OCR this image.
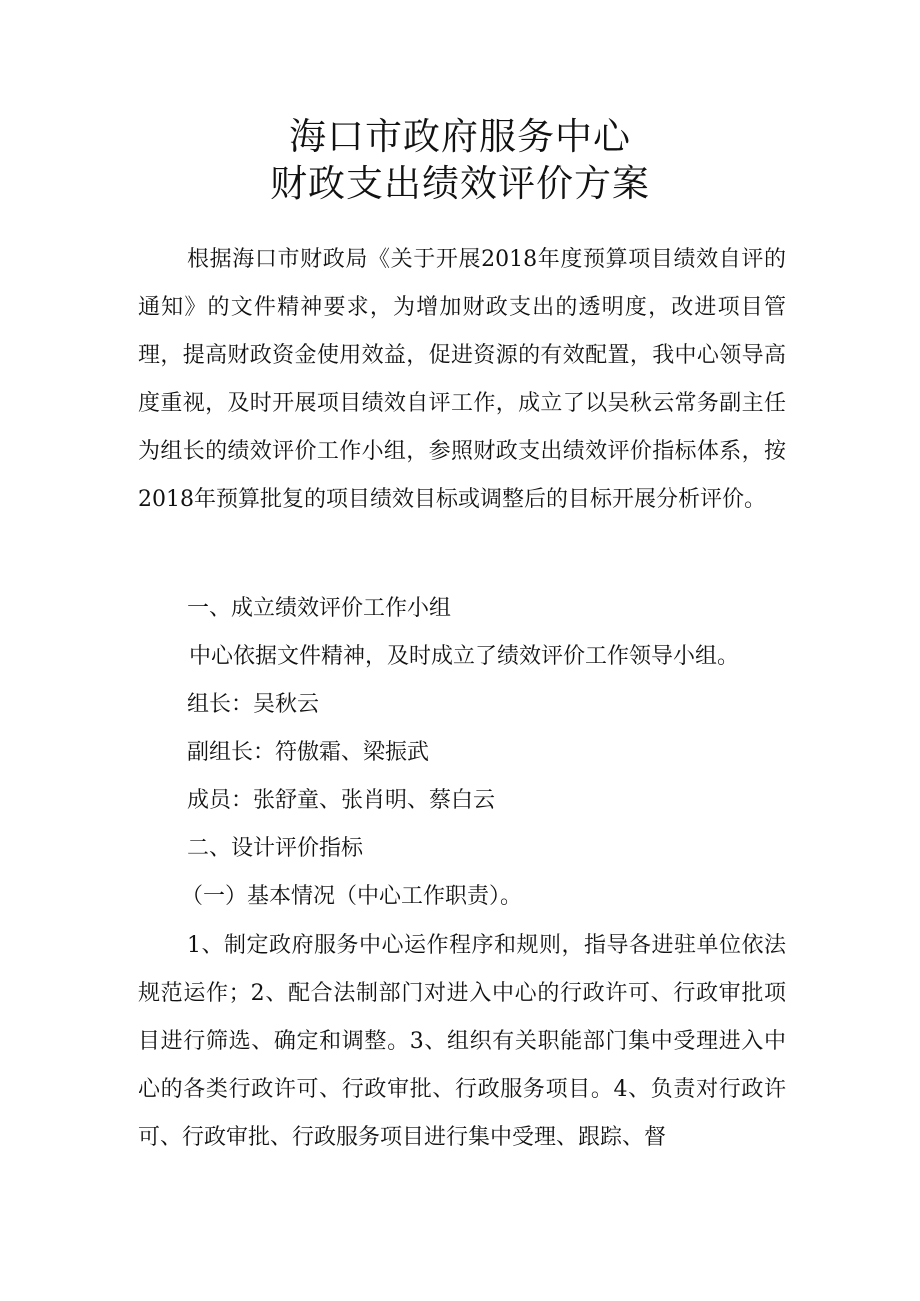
海口市政府服务中心
财政支出绩效评价方案

根据海口市财政局《关于开展2018年度预算项目绩效自评的通知》的文件精神要求，为增加财政支出的透明度，改进项目管理，提高财政资金使用效益，促进资源的有效配置，我中心领导高度重视，及时开展项目绩效自评工作，成立了以吴秋云常务副主任为组长的绩效评价工作小组，参照财政支出绩效评价指标体系，按2018年预算批复的项目绩效目标或调整后的目标开展分析评价。

一、成立绩效评价工作小组

中心依据文件精神，及时成立了绩效评价工作领导小组。

组长：吴秋云

副组长：符傲霜、梁振武

成员：张舒童、张肖明、蔡白云

二、设计评价指标

（一）基本情况（中心工作职责）。

1、制定政府服务中心运作程序和规则，指导各进驻单位依法规范运作；2、配合法制部门对进入中心的行政许可、行政审批项目进行筛选、确定和调整。3、组织有关职能部门集中受理进入中心的各类行政许可、行政审批、行政服务项目。4、负责对行政许可、行政审批、行政服务项目进行集中受理、跟踪、督
